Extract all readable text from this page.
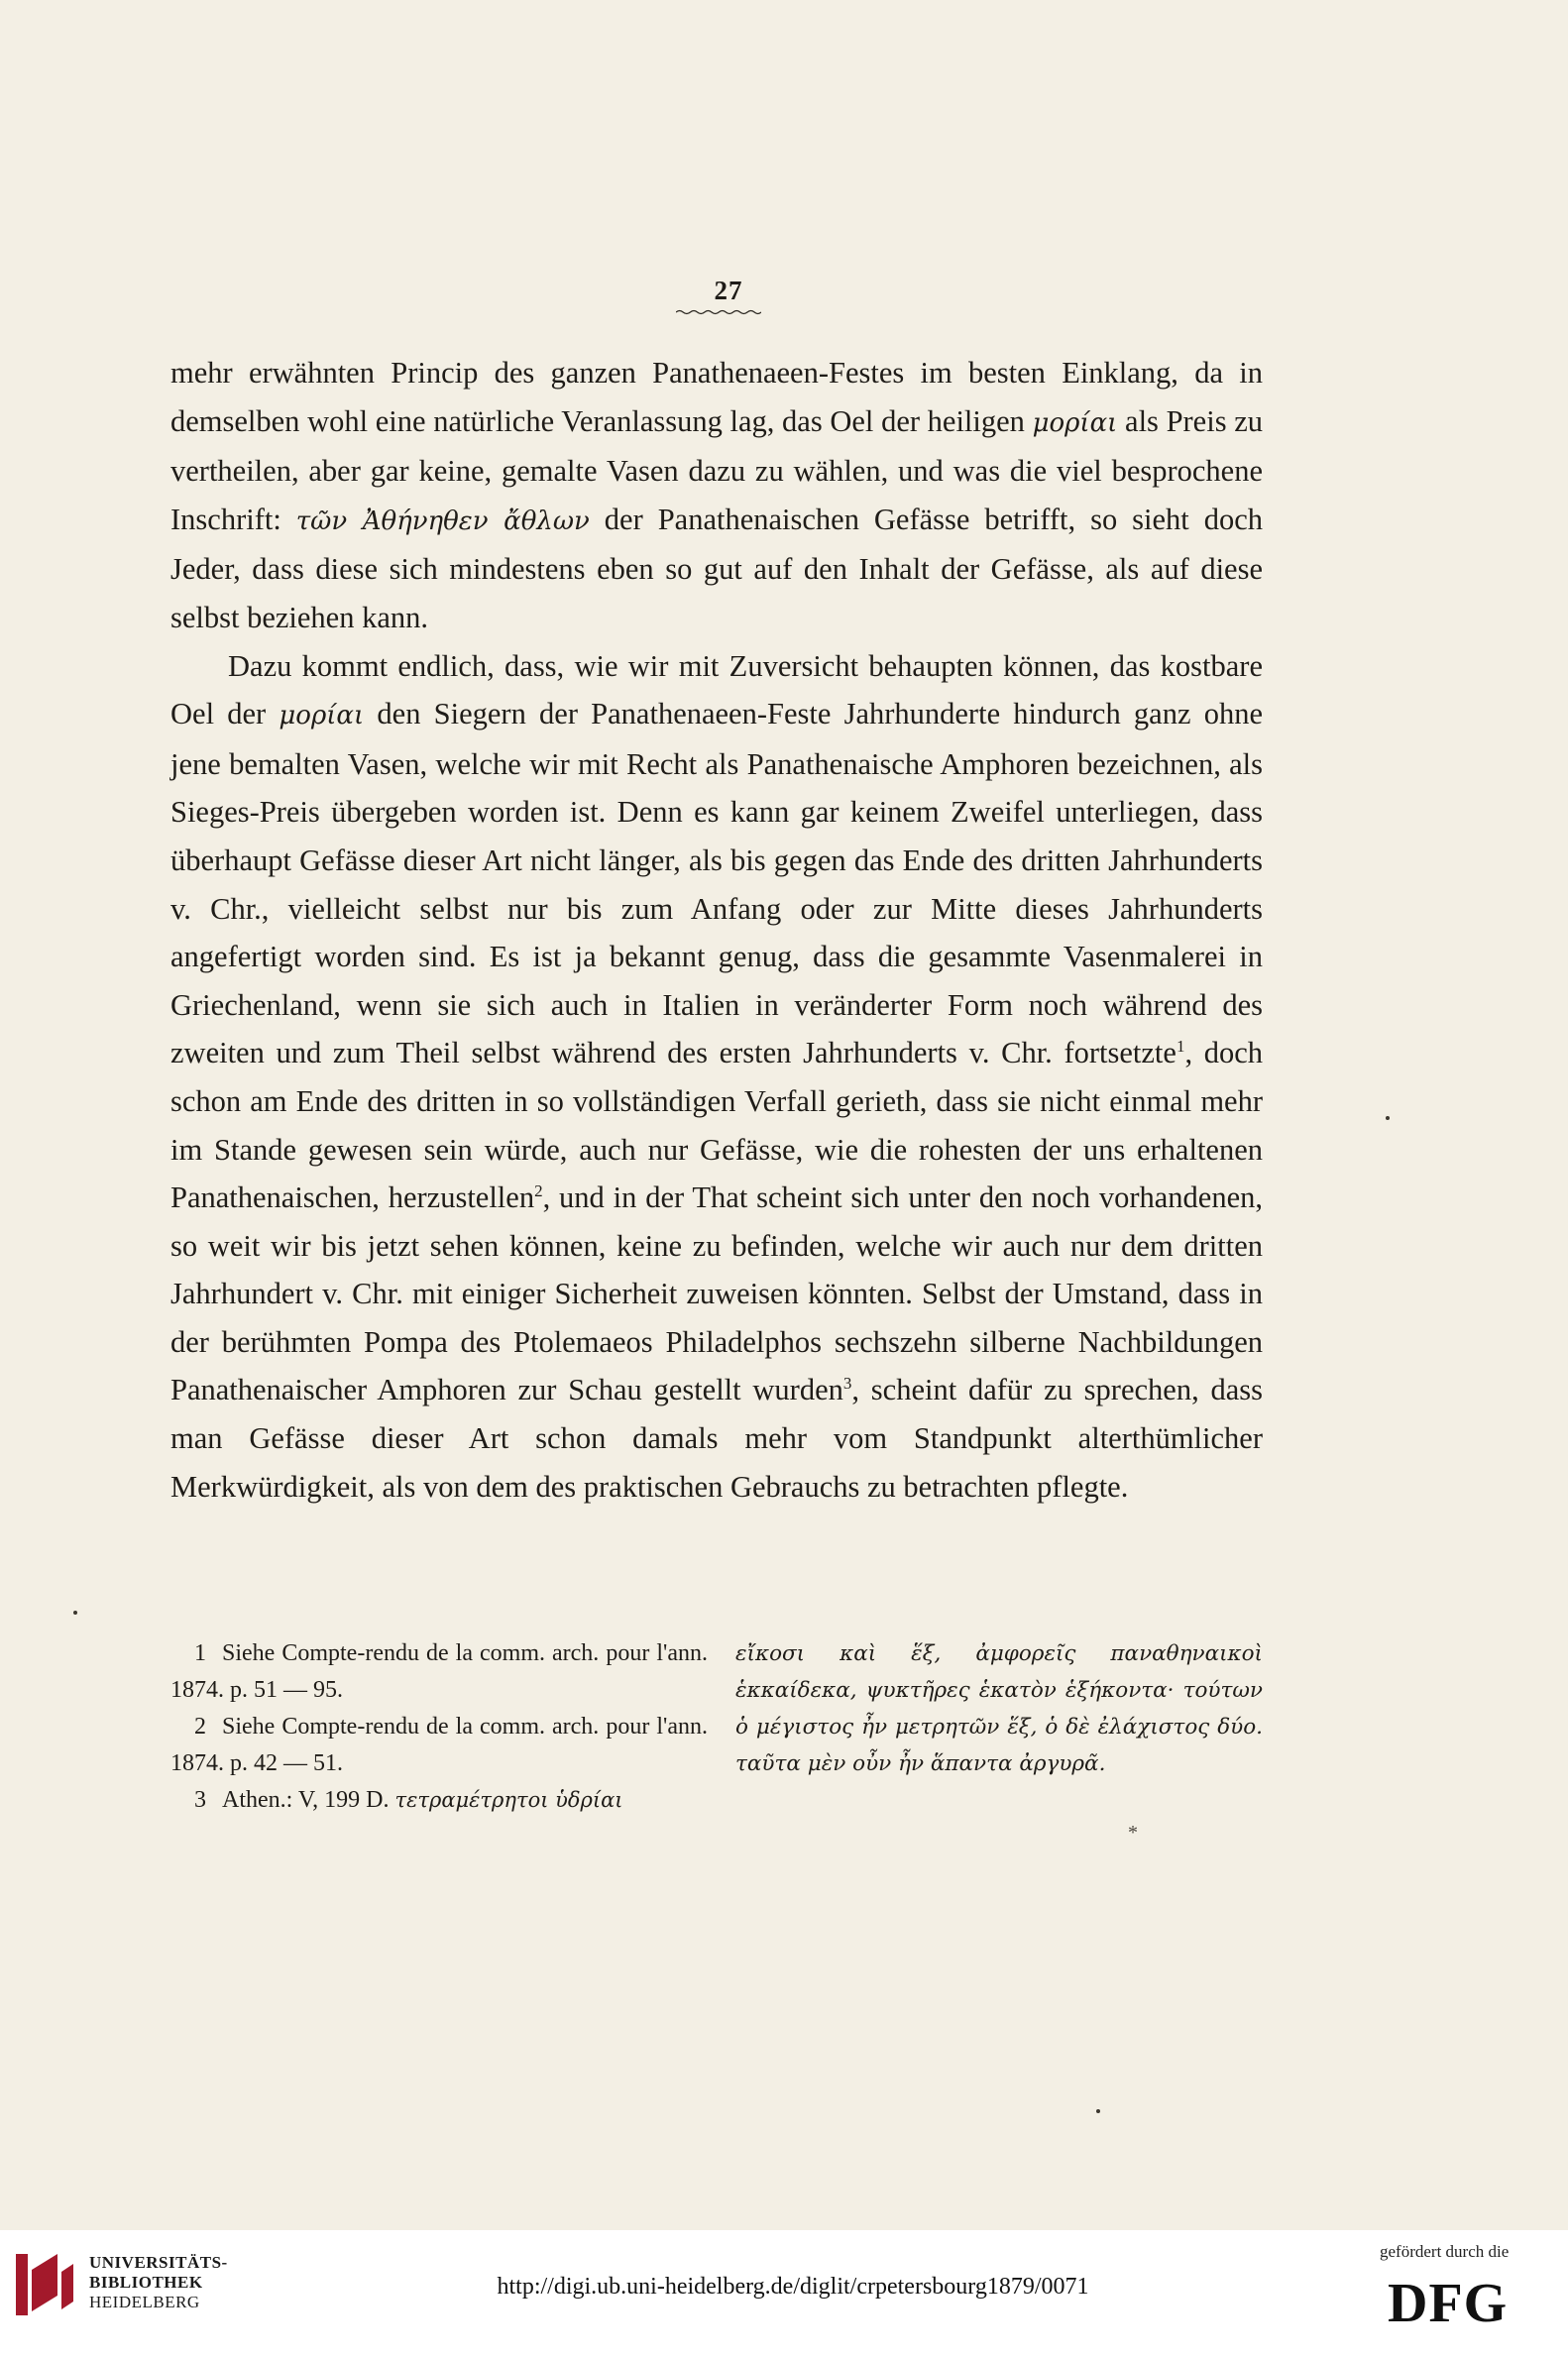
27

mehr erwähnten Princip des ganzen Panathenaeen-Festes im besten Einklang, da in demselben wohl eine natürliche Veranlassung lag, das Oel der heiligen μορίαι als Preis zu vertheilen, aber gar keine, gemalte Vasen dazu zu wählen, und was die viel besprochene Inschrift: τῶν Ἀθήνηθεν ἄθλων der Panathenaischen Gefässe betrifft, so sieht doch Jeder, dass diese sich mindestens eben so gut auf den Inhalt der Gefässe, als auf diese selbst beziehen kann.

Dazu kommt endlich, dass, wie wir mit Zuversicht behaupten können, das kostbare Oel der μορίαι den Siegern der Panathenaeen-Feste Jahrhunderte hindurch ganz ohne jene bemalten Vasen, welche wir mit Recht als Panathenaische Amphoren bezeichnen, als Sieges-Preis übergeben worden ist. Denn es kann gar keinem Zweifel unterliegen, dass überhaupt Gefässe dieser Art nicht länger, als bis gegen das Ende des dritten Jahrhunderts v. Chr., vielleicht selbst nur bis zum Anfang oder zur Mitte dieses Jahrhunderts angefertigt worden sind. Es ist ja bekannt genug, dass die gesammte Vasenmalerei in Griechenland, wenn sie sich auch in Italien in veränderter Form noch während des zweiten und zum Theil selbst während des ersten Jahrhunderts v. Chr. fortsetzte$^1$, doch schon am Ende des dritten in so vollständigen Verfall gerieth, dass sie nicht einmal mehr im Stande gewesen sein würde, auch nur Gefässe, wie die rohesten der uns erhaltenen Panathenaischen, herzustellen$^2$, und in der That scheint sich unter den noch vorhandenen, so weit wir bis jetzt sehen können, keine zu befinden, welche wir auch nur dem dritten Jahrhundert v. Chr. mit einiger Sicherheit zuweisen könnten. Selbst der Umstand, dass in der berühmten Pompa des Ptolemaeos Philadelphos sechszehn silberne Nachbildungen Panathenaischer Amphoren zur Schau gestellt wurden$^3$, scheint dafür zu sprechen, dass man Gefässe dieser Art schon damals mehr vom Standpunkt alterthümlicher Merkwürdigkeit, als von dem des praktischen Gebrauchs zu betrachten pflegte.

1 Siehe Compte-rendu de la comm. arch. pour l'ann. 1874. p. 51 — 95.

2 Siehe Compte-rendu de la comm. arch. pour l'ann. 1874. p. 42 — 51.

3 Athen.: V, 199 D. τετραμέτρητοι ὑδρίαι

εἴκοσι καὶ ἕξ, ἀμφορεῖς παναθηναικοὶ ἑκκαίδεκα, ψυκτῆρες ἑκατὸν ἑξήκοντα· τούτων ὁ μέγιστος ἦν μετρητῶν ἕξ, ὁ δὲ ἐλάχιστος δύο. ταῦτα μὲν οὖν ἦν ἅπαντα ἀργυρᾶ.

*
UNIVERSITÄTS-
BIBLIOTHEK
HEIDELBERG
http://digi.ub.uni-heidelberg.de/diglit/crpetersbourg1879/0071
gefördert durch die
DFG
